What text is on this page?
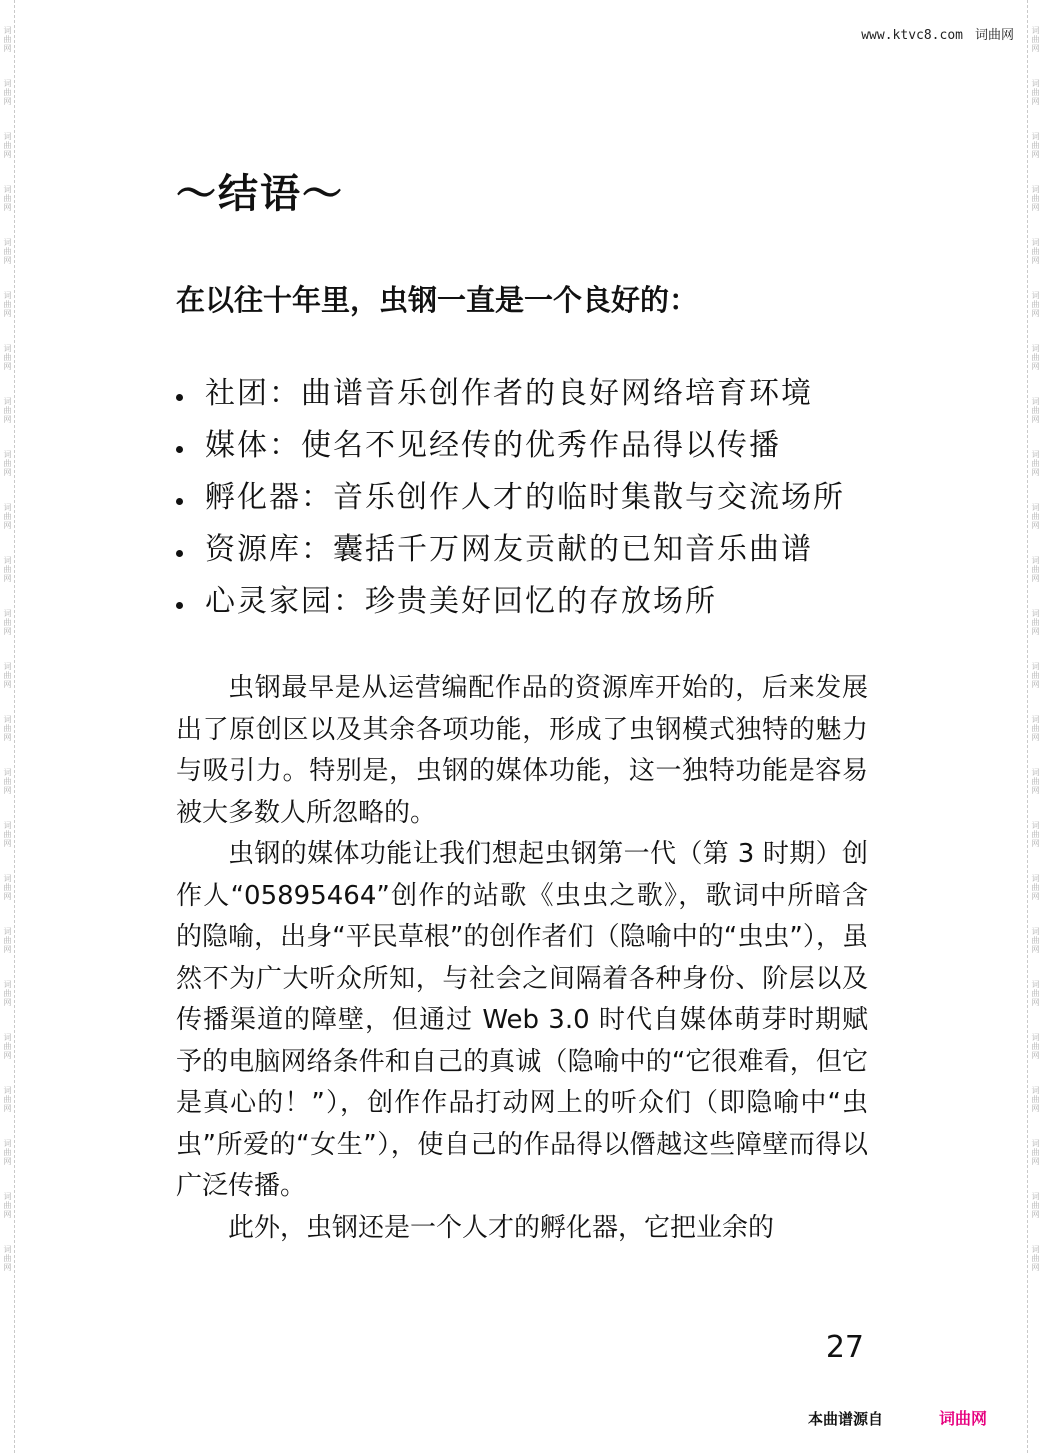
词曲网
词曲网
词曲网
词曲网
词曲网
词曲网
词曲网
词曲网
词曲网
词曲网
词曲网
词曲网
词曲网
词曲网
词曲网
词曲网
词曲网
词曲网
词曲网
词曲网
词曲网
词曲网
词曲网
词曲网
词曲网
词曲网
词曲网
词曲网
词曲网
词曲网
词曲网
词曲网
词曲网
词曲网
词曲网
词曲网
词曲网
词曲网
词曲网
词曲网
词曲网
词曲网
词曲网
词曲网
词曲网
词曲网
词曲网
词曲网
www.ktvc8.com 词曲网
～结语～
在以往十年里，虫钢一直是一个良好的：
社团：曲谱音乐创作者的良好网络培育环境
媒体：使名不见经传的优秀作品得以传播
孵化器：音乐创作人才的临时集散与交流场所
资源库：囊括千万网友贡献的已知音乐曲谱
心灵家园：珍贵美好回忆的存放场所

虫钢最早是从运营编配作品的资源库开始的，后来发展出了原创区以及其余各项功能，形成了虫钢模式独特的魅力与吸引力。特别是，虫钢的媒体功能，这一独特功能是容易被大多数人所忽略的。

虫钢的媒体功能让我们想起虫钢第一代（第 3 时期）创作人“05895464”创作的站歌《虫虫之歌》，歌词中所暗含的隐喻，出身“平民草根”的创作者们（隐喻中的“虫虫”），虽然不为广大听众所知，与社会之间隔着各种身份、阶层以及传播渠道的障壁，但通过 Web 3.0 时代自媒体萌芽时期赋予的电脑网络条件和自己的真诚（隐喻中的“它很难看，但它是真心的！”），创作作品打动网上的听众们（即隐喻中“虫虫”所爱的“女生”），使自己的作品得以僭越这些障壁而得以广泛传播。

此外，虫钢还是一个人才的孵化器，它把业余的

27
本曲谱源自	词曲网
